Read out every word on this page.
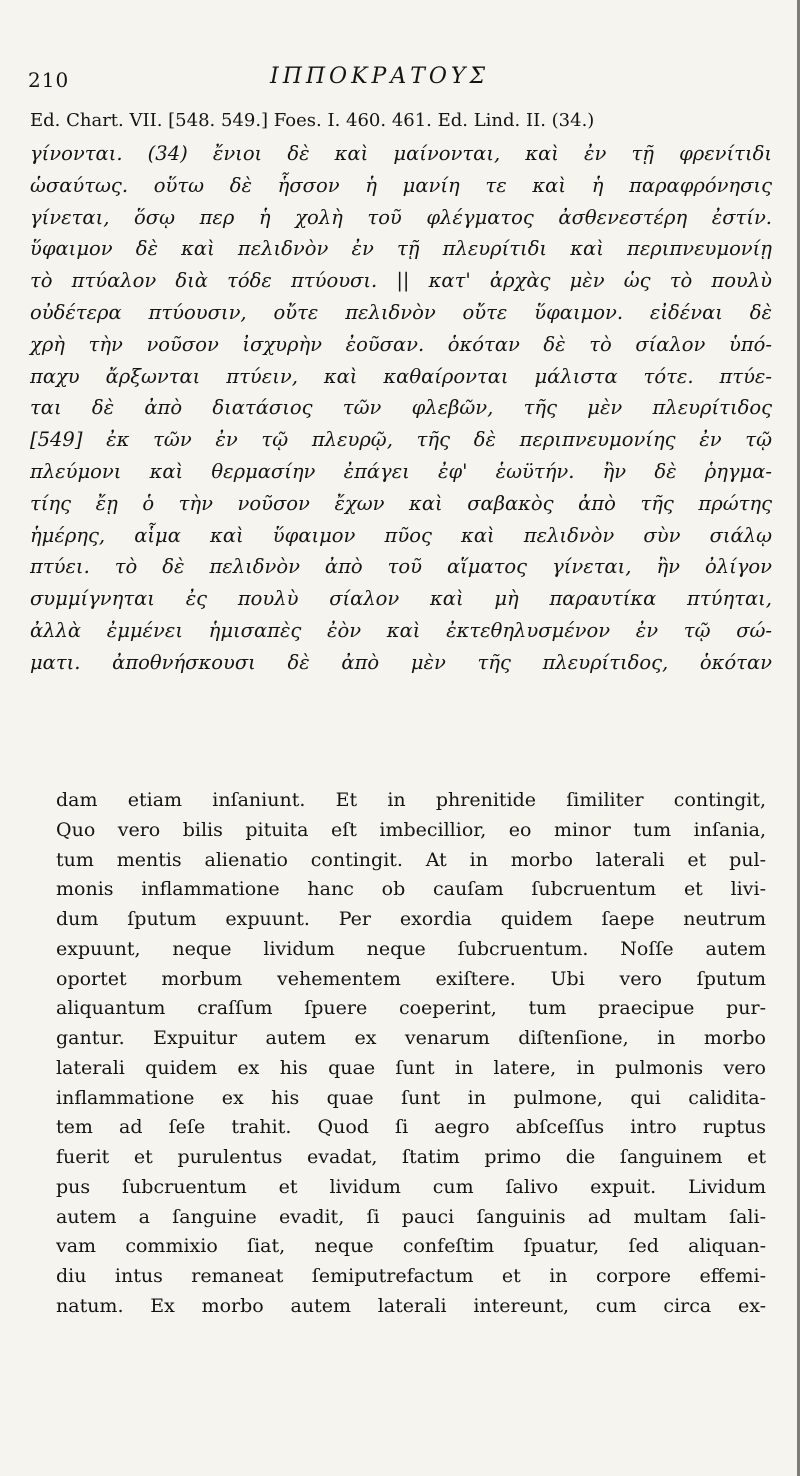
210	ΙΠΠΟΚΡΑΤΟΥΣ
Ed. Chart. VII. [548. 549.] Foes. I. 460. 461. Ed. Lind. II. (34.)
γίνονται. (34) ἔνιοι δὲ καὶ μαίνονται, καὶ ἐν τῇ φρενίτιδι
ὡσαύτως. οὕτω δὲ ἧσσον ἡ μανίη τε καὶ ἡ παραφρόνησις
γίνεται, ὅσῳ περ ἡ χολὴ τοῦ φλέγματος ἀσθενεστέρη ἐστίν.
ὕφαιμον δὲ καὶ πελιδνὸν ἐν τῇ πλευρίτιδι καὶ περιπνευμονίῃ
τὸ πτύαλον διὰ τόδε πτύουσι. || κατ' ἀρχὰς μὲν ὡς τὸ πουλὺ
οὐδέτερα πτύουσιν, οὔτε πελιδνὸν οὔτε ὕφαιμον. εἰδέναι δὲ
χρὴ τὴν νοῦσον ἰσχυρὴν ἐοῦσαν. ὁκόταν δὲ τὸ σίαλον ὑπό-
παχυ ἄρξωνται πτύειν, καὶ καθαίρονται μάλιστα τότε. πτύε-
ται δὲ ἀπὸ διατάσιος τῶν φλεβῶν, τῆς μὲν πλευρίτιδος
[549] ἐκ τῶν ἐν τῷ πλευρῷ, τῆς δὲ περιπνευμονίης ἐν τῷ
πλεύμονι καὶ θερμασίην ἐπάγει ἐφ' ἑωϋτήν. ἢν δὲ ῥηγμα-
τίης ἔῃ ὁ τὴν νοῦσον ἔχων καὶ σαβακὸς ἀπὸ τῆς πρώτης
ἡμέρης, αἷμα καὶ ὕφαιμον πῦος καὶ πελιδνὸν σὺν σιάλῳ
πτύει. τὸ δὲ πελιδνὸν ἀπὸ τοῦ αἵματος γίνεται, ἢν ὀλίγον
συμμίγνηται ἐς πουλὺ σίαλον καὶ μὴ παραυτίκα πτύηται,
ἀλλὰ ἐμμένει ἡμισαπὲς ἐὸν καὶ ἐκτεθηλυσμένον ἐν τῷ σώ-
ματι. ἀποθνήσκουσι δὲ ἀπὸ μὲν τῆς πλευρίτιδος, ὁκόταν
dam etiam inſaniunt. Et in phrenitide ſimiliter contingit,
Quo vero bilis pituita eſt imbecillior, eo minor tum inſania,
tum mentis alienatio contingit. At in morbo laterali et pul-
monis inflammatione hanc ob cauſam ſubcruentum et livi-
dum ſputum expuunt. Per exordia quidem ſaepe neutrum
expuunt, neque lividum neque ſubcruentum. Noſſe autem
oportet morbum vehementem exiſtere. Ubi vero ſputum
aliquantum craſſum ſpuere coeperint, tum praecipue pur-
gantur. Expuitur autem ex venarum diſtenſione, in morbo
laterali quidem ex his quae ſunt in latere, in pulmonis vero
inflammatione ex his quae ſunt in pulmone, qui calidita-
tem ad ſeſe trahit. Quod ſi aegro abſceſſus intro ruptus
fuerit et purulentus evadat, ſtatim primo die ſanguinem et
pus ſubcruentum et lividum cum ſalivo expuit. Lividum
autem a ſanguine evadit, ſi pauci ſanguinis ad multam ſali-
vam commixio ſiat, neque confeſtim ſpuatur, ſed aliquan-
diu intus remaneat ſemiputrefactum et in corpore effemi-
natum. Ex morbo autem laterali intereunt, cum circa ex-
